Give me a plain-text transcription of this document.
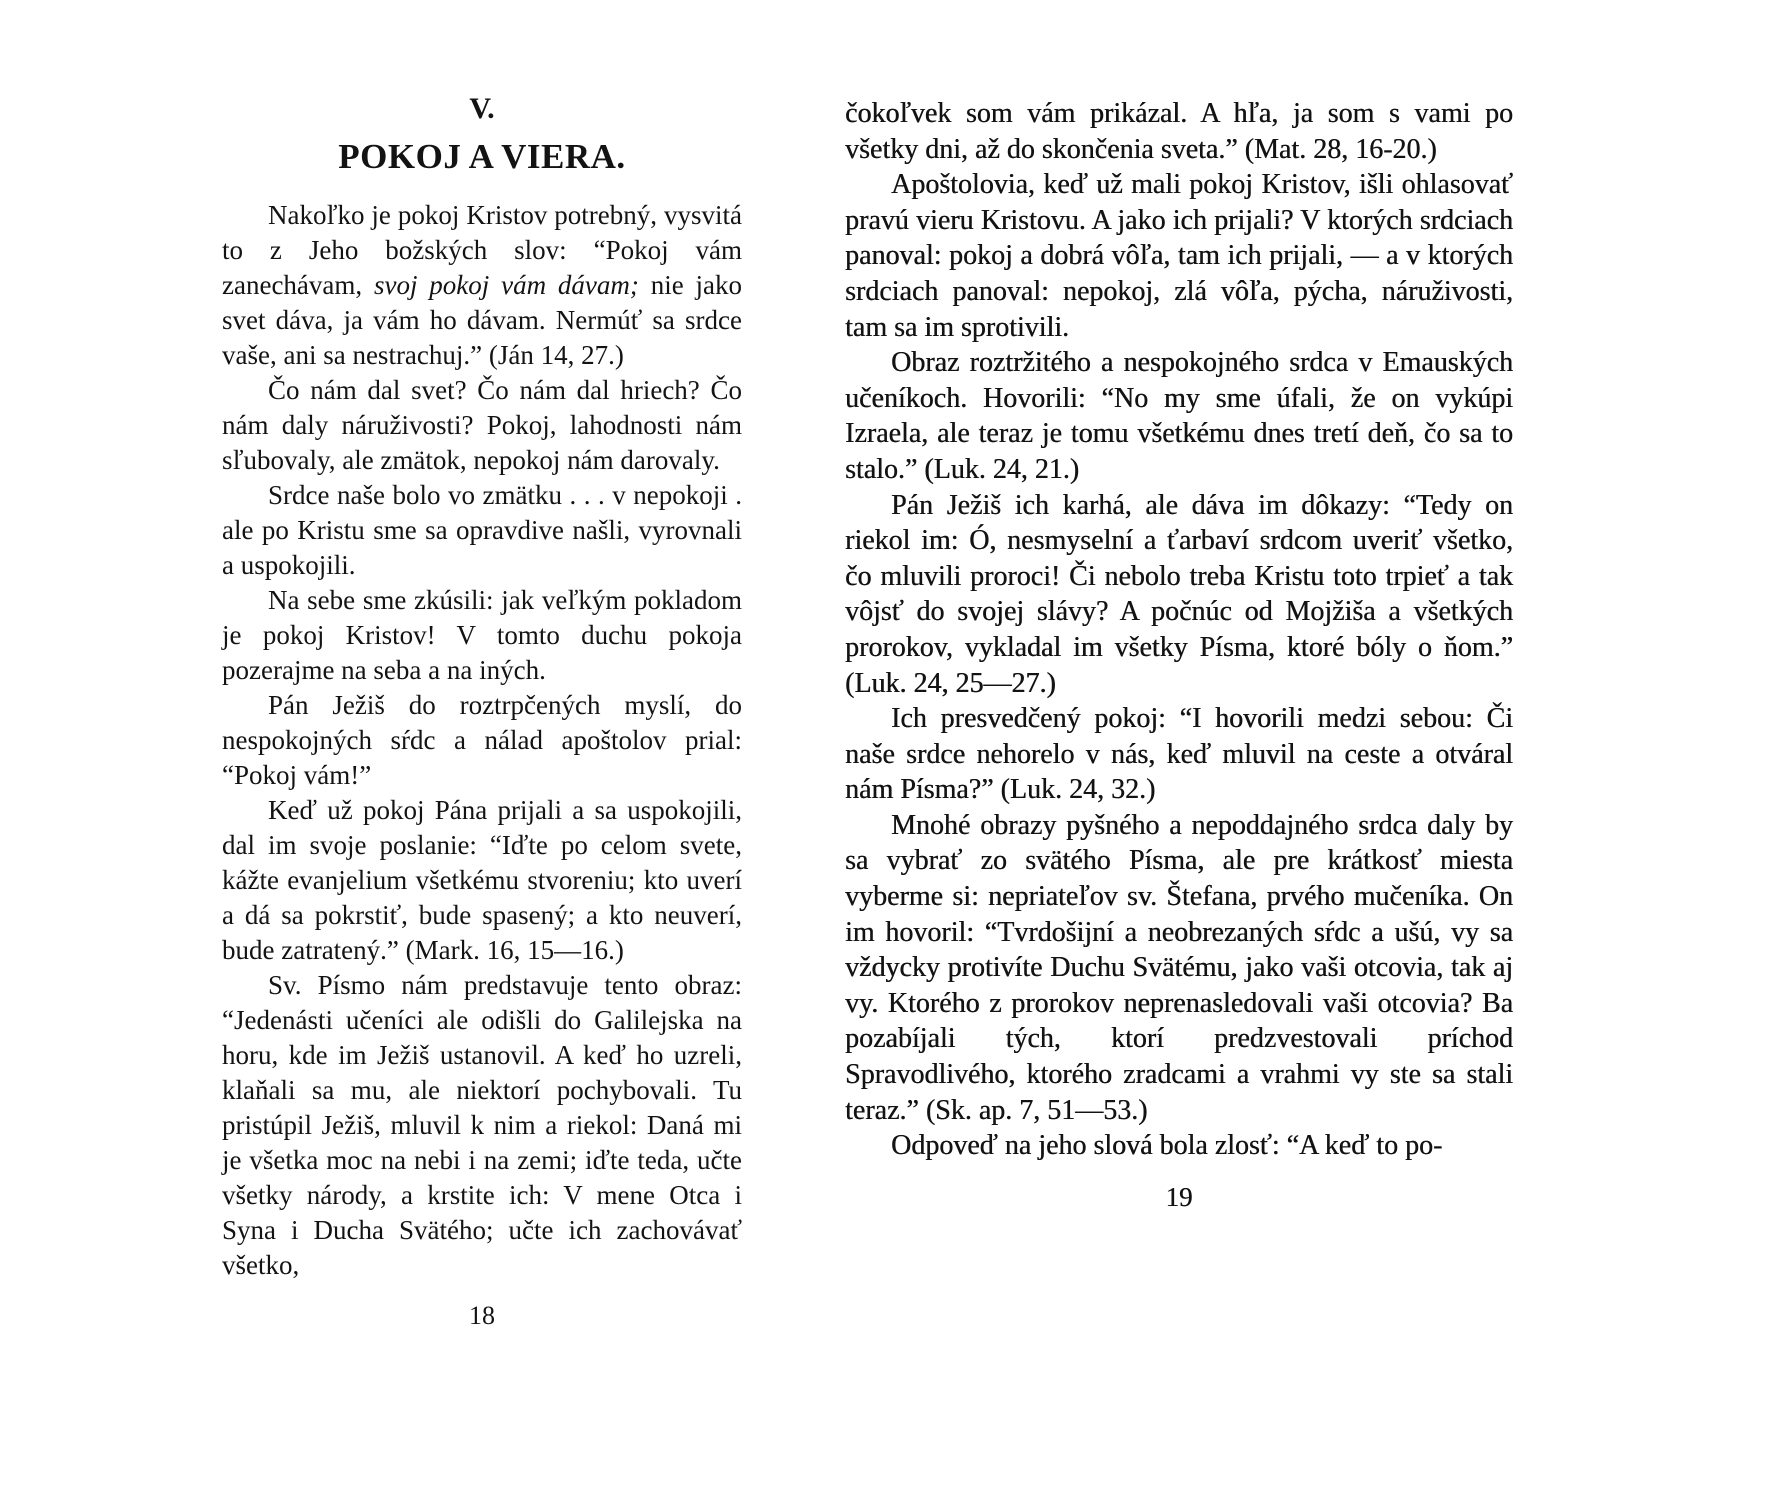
V.
POKOJ A VIERA.

Nakoľko je pokoj Kristov potrebný, vysvitá to z Jeho božských slov: “Pokoj vám zanechávam, svoj pokoj vám dávam; nie jako svet dáva, ja vám ho dávam. Nermúť sa srdce vaše, ani sa nestrachuj.” (Ján 14, 27.)

Čo nám dal svet? Čo nám dal hriech? Čo nám daly náruživosti? Pokoj, lahodnosti nám sľubovaly, ale zmätok, nepokoj nám darovaly.

Srdce naše bolo vo zmätku . . . v nepokoji . ale po Kristu sme sa opravdive našli, vyrovnali a uspokojili.

Na sebe sme zkúsili: jak veľkým pokladom je pokoj Kristov! V tomto duchu pokoja pozerajme na seba a na iných.

Pán Ježiš do roztrpčených myslí, do nespokojných sŕdc a nálad apoštolov prial: “Pokoj vám!”

Keď už pokoj Pána prijali a sa uspokojili, dal im svoje poslanie: “Iďte po celom svete, kážte evanjelium všetkému stvoreniu; kto uverí a dá sa pokrstiť, bude spasený; a kto neuverí, bude zatratený.” (Mark. 16, 15—16.)

Sv. Písmo nám predstavuje tento obraz: “Jedenásti učeníci ale odišli do Galilejska na horu, kde im Ježiš ustanovil. A keď ho uzreli, klaňali sa mu, ale niektorí pochybovali. Tu pristúpil Ježiš, mluvil k nim a riekol: Daná mi je všetka moc na nebi i na zemi; iďte teda, učte všetky národy, a krstite ich: V mene Otca i Syna i Ducha Svätého; učte ich zachovávať všetko,

18

čokoľvek som vám prikázal. A hľa, ja som s vami po všetky dni, až do skončenia sveta.” (Mat. 28, 16-20.)

Apoštolovia, keď už mali pokoj Kristov, išli ohlasovať pravú vieru Kristovu. A jako ich prijali? V ktorých srdciach panoval: pokoj a dobrá vôľa, tam ich prijali, — a v ktorých srdciach panoval: nepokoj, zlá vôľa, pýcha, náruživosti, tam sa im sprotivili.

Obraz roztržitého a nespokojného srdca v Emauských učeníkoch. Hovorili: “No my sme úfali, že on vykúpi Izraela, ale teraz je tomu všetkému dnes tretí deň, čo sa to stalo.” (Luk. 24, 21.)

Pán Ježiš ich karhá, ale dáva im dôkazy: “Tedy on riekol im: Ó, nesmyselní a ťarbaví srdcom uveriť všetko, čo mluvili proroci! Či nebolo treba Kristu toto trpieť a tak vôjsť do svojej slávy? A počnúc od Mojžiša a všetkých prorokov, vykladal im všetky Písma, ktoré bóly o ňom.” (Luk. 24, 25—27.)

Ich presvedčený pokoj: “I hovorili medzi sebou: Či naše srdce nehorelo v nás, keď mluvil na ceste a otváral nám Písma?” (Luk. 24, 32.)

Mnohé obrazy pyšného a nepoddajného srdca daly by sa vybrať zo svätého Písma, ale pre krátkosť miesta vyberme si: nepriateľov sv. Štefana, prvého mučeníka. On im hovoril: “Tvrdošijní a neobrezaných sŕdc a ušú, vy sa vždycky protivíte Duchu Svätému, jako vaši otcovia, tak aj vy. Ktorého z prorokov neprenasledovali vaši otcovia? Ba pozabíjali tých, ktorí predzvestovali príchod Spravodlivého, ktorého zradcami a vrahmi vy ste sa stali teraz.” (Sk. ap. 7, 51—53.)

Odpoveď na jeho slová bola zlosť: “A keď to po-

19
